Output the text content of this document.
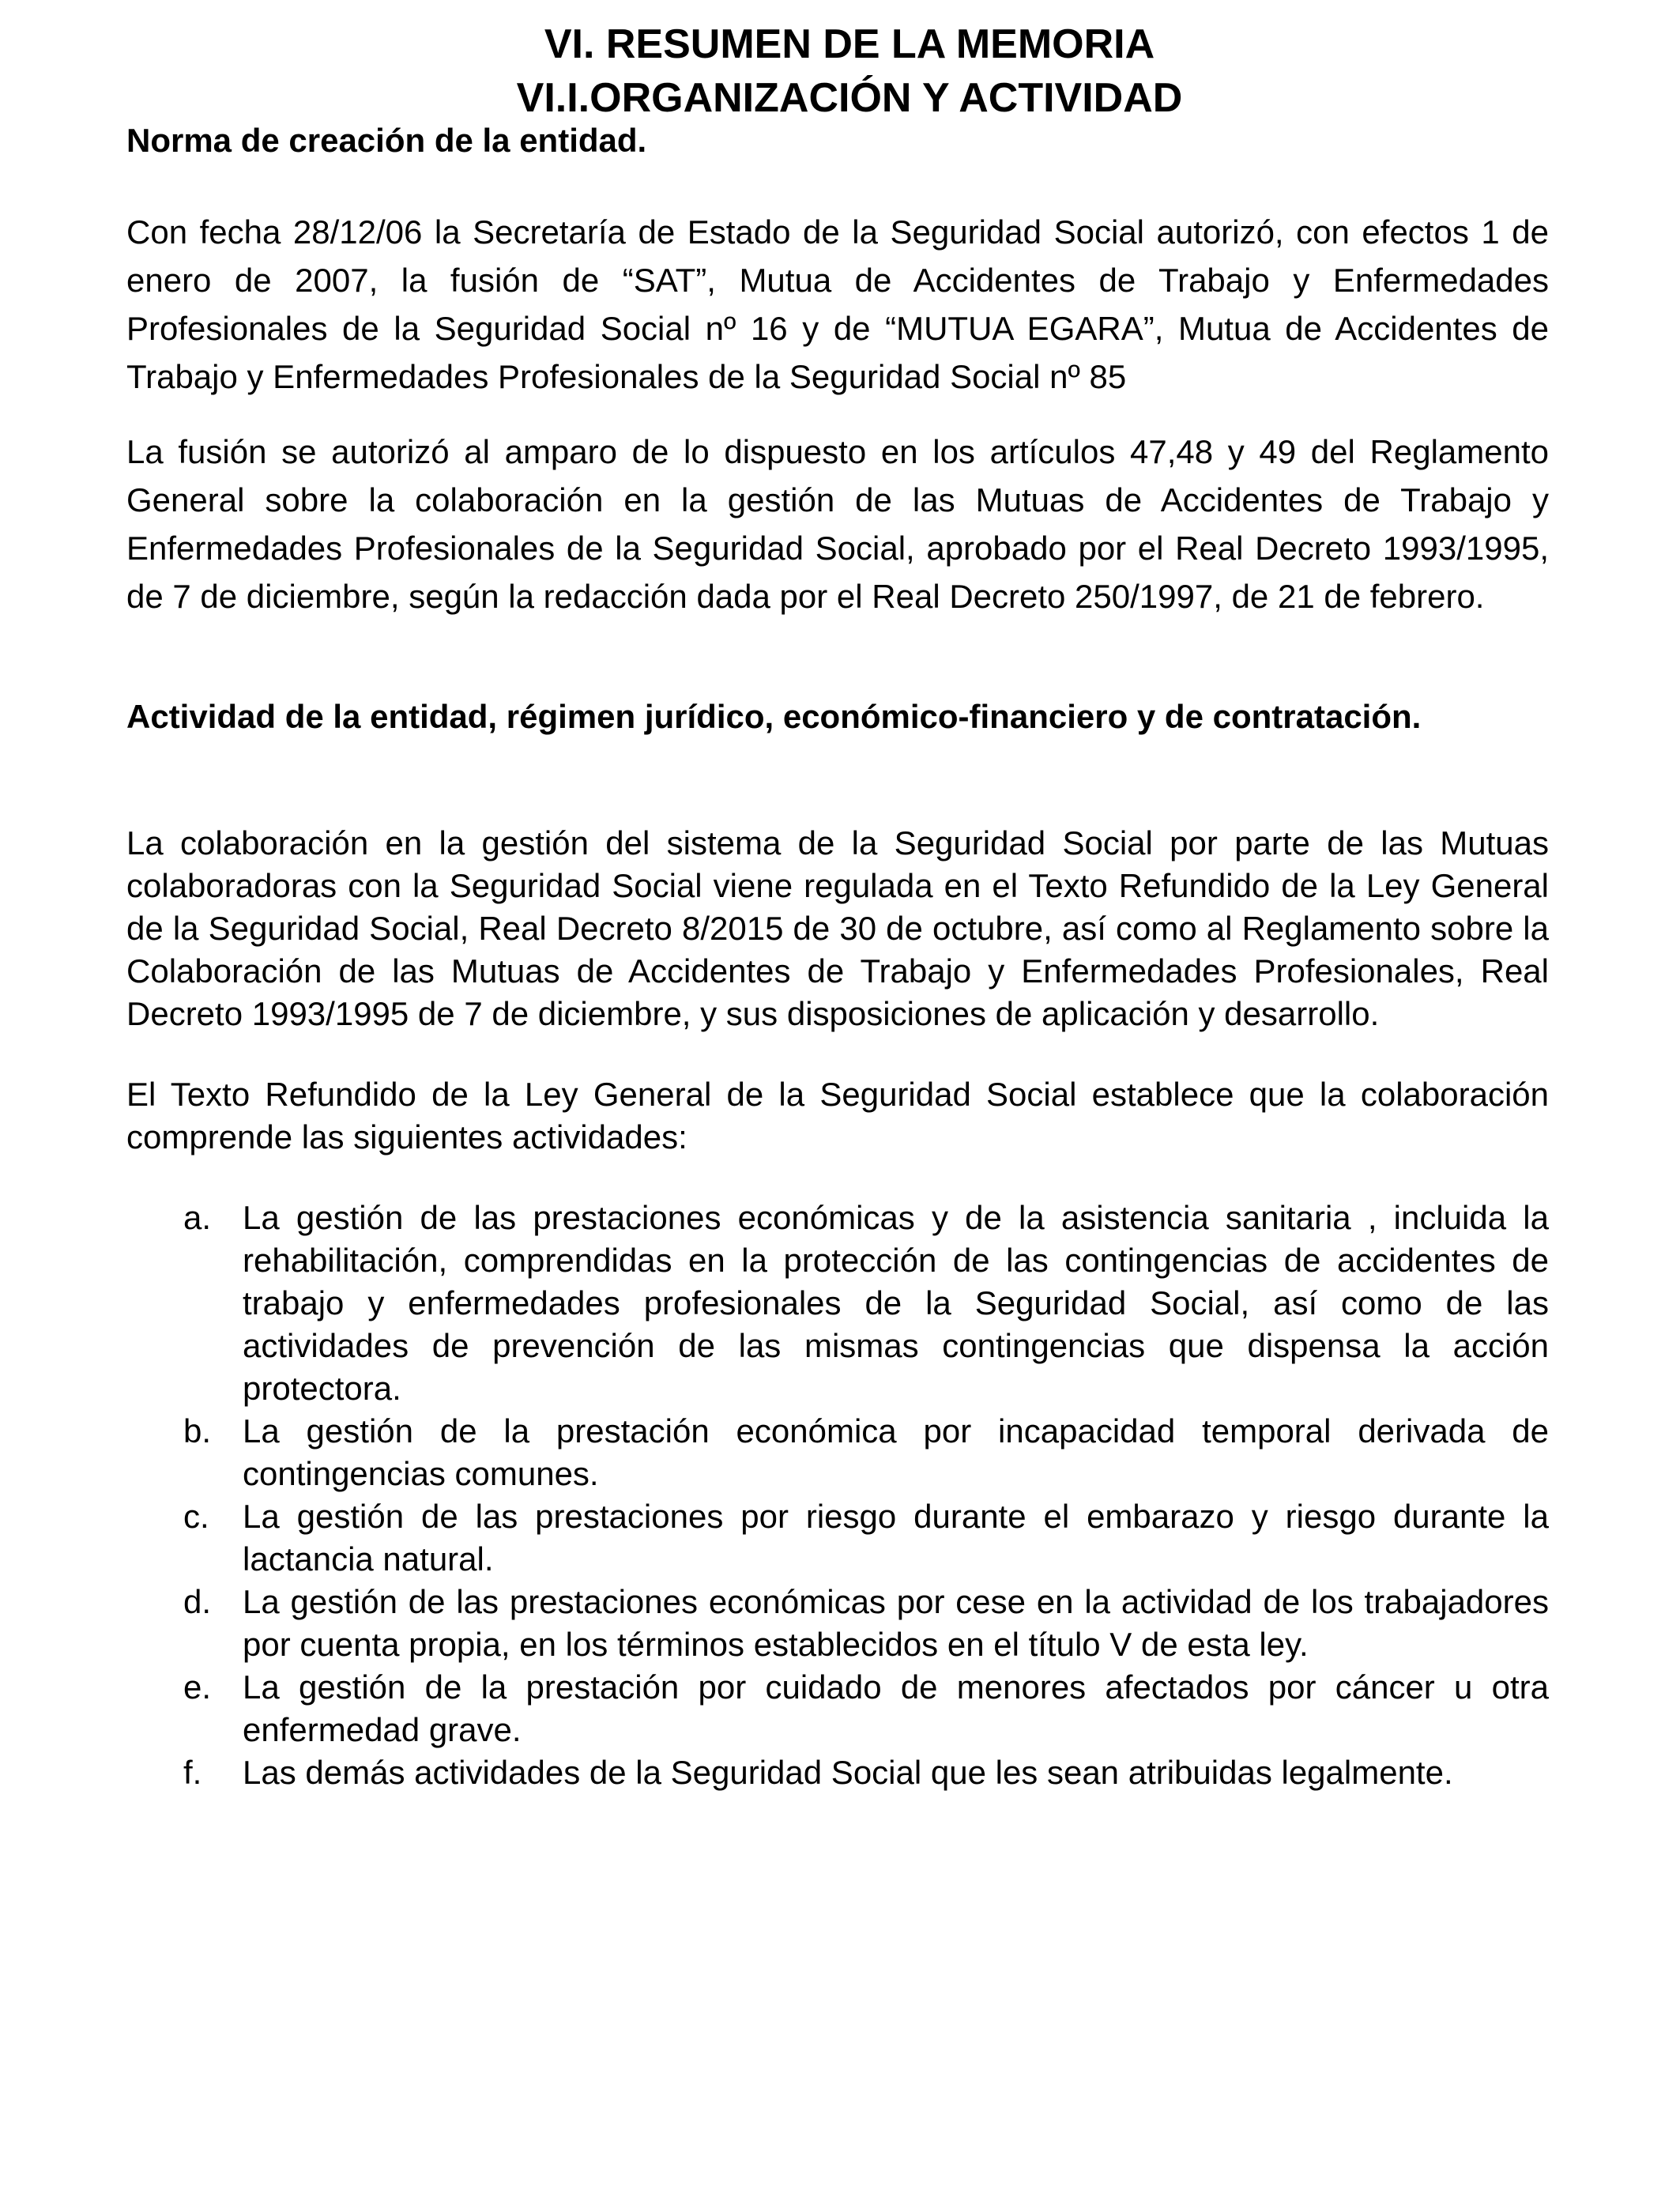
VI. RESUMEN DE LA MEMORIA
VI.I.ORGANIZACIÓN Y ACTIVIDAD
Norma de creación de la entidad.

Con fecha 28/12/06 la Secretaría de Estado de la Seguridad Social autorizó, con efectos 1 de enero de 2007, la fusión de “SAT”, Mutua de Accidentes de Trabajo y Enfermedades Profesionales de la Seguridad Social nº 16 y de “MUTUA EGARA”, Mutua de Accidentes de Trabajo y Enfermedades Profesionales de la Seguridad Social nº 85

La fusión se autorizó al amparo de lo dispuesto en los artículos 47,48 y 49 del Reglamento General sobre la colaboración en la gestión de las Mutuas de Accidentes de Trabajo y Enfermedades Profesionales de la Seguridad Social, aprobado por el Real Decreto 1993/1995, de 7 de diciembre, según la redacción dada por el Real Decreto 250/1997, de 21 de febrero.

Actividad de la entidad, régimen jurídico, económico-financiero y de contratación.

La colaboración en la gestión del sistema de la Seguridad Social por parte de las Mutuas colaboradoras con la Seguridad Social viene regulada en el Texto Refundido de la Ley General de la Seguridad Social, Real Decreto 8/2015 de 30 de octubre, así como al Reglamento sobre la Colaboración de las Mutuas de Accidentes de Trabajo y Enfermedades Profesionales, Real Decreto 1993/1995 de 7 de diciembre, y sus disposiciones de aplicación y desarrollo.

El Texto Refundido de la Ley General de la Seguridad Social establece que la colaboración comprende las siguientes actividades:

a. La gestión de las prestaciones económicas y de la asistencia sanitaria , incluida la rehabilitación, comprendidas en la protección de las contingencias de accidentes de trabajo y enfermedades profesionales de la Seguridad Social, así como de las actividades de prevención de las mismas contingencias que dispensa la acción protectora.
b. La gestión de la prestación económica por incapacidad temporal derivada de contingencias comunes.
c. La gestión de las prestaciones por riesgo durante el embarazo y riesgo durante la lactancia natural.
d. La gestión de las prestaciones económicas por cese en la actividad de los trabajadores por cuenta propia, en los términos establecidos en el título V de esta ley.
e. La gestión de la prestación por cuidado de menores afectados por cáncer u otra enfermedad grave.
f. Las demás actividades de la Seguridad Social que les sean atribuidas legalmente.
